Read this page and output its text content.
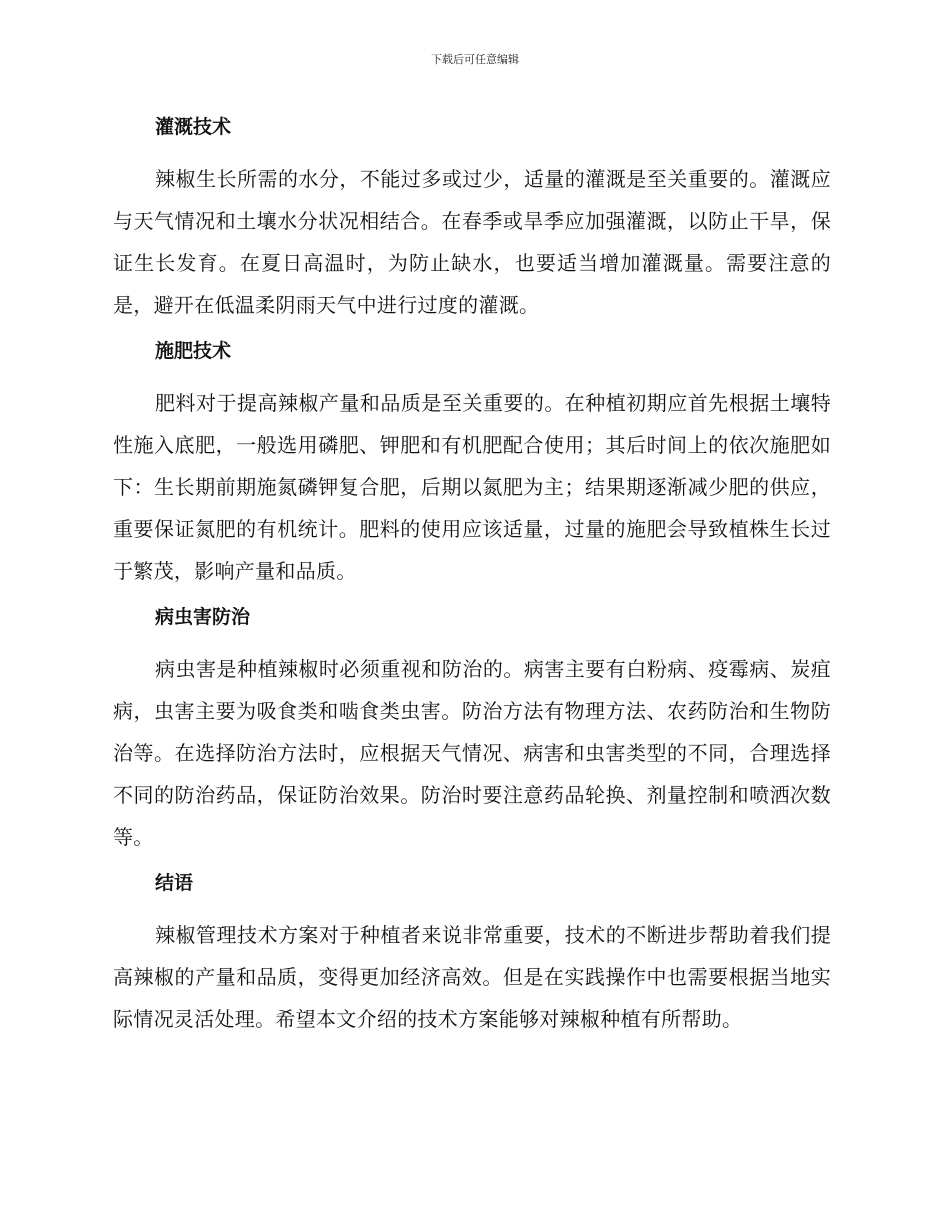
下载后可任意编辑
灌溉技术

辣椒生长所需的水分，不能过多或过少，适量的灌溉是至关重要的。灌溉应与天气情况和土壤水分状况相结合。在春季或旱季应加强灌溉，以防止干旱，保证生长发育。在夏日高温时，为防止缺水，也要适当增加灌溉量。需要注意的是，避开在低温柔阴雨天气中进行过度的灌溉。

施肥技术

肥料对于提高辣椒产量和品质是至关重要的。在种植初期应首先根据土壤特性施入底肥，一般选用磷肥、钾肥和有机肥配合使用；其后时间上的依次施肥如下：生长期前期施氮磷钾复合肥，后期以氮肥为主；结果期逐渐减少肥的供应，重要保证氮肥的有机统计。肥料的使用应该适量，过量的施肥会导致植株生长过于繁茂，影响产量和品质。

病虫害防治

病虫害是种植辣椒时必须重视和防治的。病害主要有白粉病、疫霉病、炭疽病，虫害主要为吸食类和啮食类虫害。防治方法有物理方法、农药防治和生物防治等。在选择防治方法时，应根据天气情况、病害和虫害类型的不同，合理选择不同的防治药品，保证防治效果。防治时要注意药品轮换、剂量控制和喷洒次数等。

结语

辣椒管理技术方案对于种植者来说非常重要，技术的不断进步帮助着我们提高辣椒的产量和品质，变得更加经济高效。但是在实践操作中也需要根据当地实际情况灵活处理。希望本文介绍的技术方案能够对辣椒种植有所帮助。
